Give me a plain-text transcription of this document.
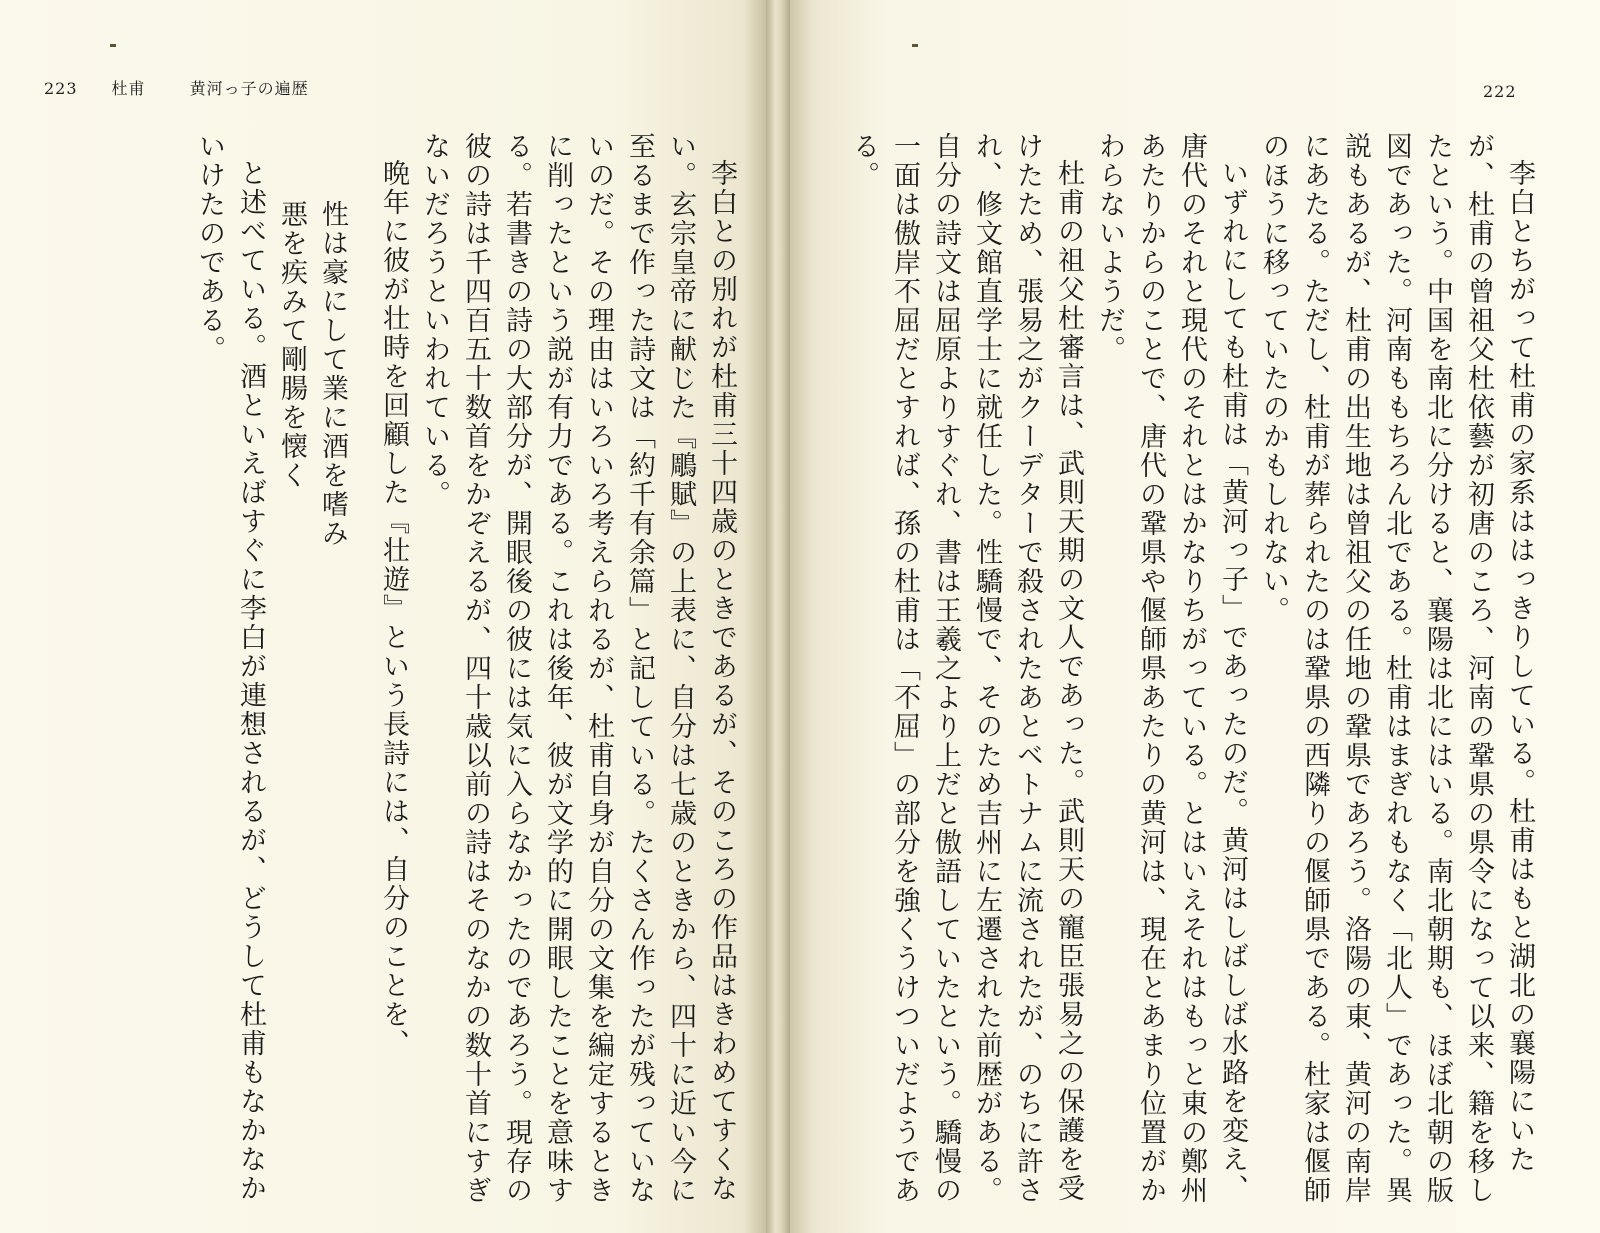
223 杜甫	黄河っ子の遍歴

李白との別れが杜甫三十四歳のときであるが、そのころの作品はきわめてすくない。玄宗皇帝に献じた『鵰賦』の上表に、自分は七歳のときから、四十に近い今に至るまで作った詩文は「約千有余篇」と記している。たくさん作ったが残っていないのだ。その理由はいろいろ考えられるが、杜甫自身が自分の文集を編定するときに削ったという説が有力である。これは後年、彼が文学的に開眼したことを意味する。若書きの詩の大部分が、開眼後の彼には気に入らなかったのであろう。現存の彼の詩は千四百五十数首をかぞえるが、四十歳以前の詩はそのなかの数十首にすぎないだろうといわれている。

晩年に彼が壮時を回顧した『壮遊』という長詩には、自分のことを、

性は豪にして業に酒を嗜み

悪を疾みて剛腸を懐く

と述べている。酒といえばすぐに李白が連想されるが、どうして杜甫もなかなかいけたのである。

222

李白とちがって杜甫の家系ははっきりしている。杜甫はもと湖北の襄陽にいたが、杜甫の曾祖父杜依藝が初唐のころ、河南の鞏県の県令になって以来、籍を移したという。中国を南北に分けると、襄陽は北にはいる。南北朝期も、ほぼ北朝の版図であった。河南ももちろん北である。杜甫はまぎれもなく「北人」であった。異説もあるが、杜甫の出生地は曾祖父の任地の鞏県であろう。洛陽の東、黄河の南岸にあたる。ただし、杜甫が葬られたのは鞏県の西隣りの偃師県である。杜家は偃師のほうに移っていたのかもしれない。

いずれにしても杜甫は「黄河っ子」であったのだ。黄河はしばしば水路を変え、唐代のそれと現代のそれとはかなりちがっている。とはいえそれはもっと東の鄭州あたりからのことで、唐代の鞏県や偃師県あたりの黄河は、現在とあまり位置がかわらないようだ。

杜甫の祖父杜審言は、武則天期の文人であった。武則天の寵臣張易之の保護を受けたため、張易之がクーデターで殺されたあとベトナムに流されたが、のちに許され、修文館直学士に就任した。性驕慢で、そのため吉州に左遷された前歴がある。自分の詩文は屈原よりすぐれ、書は王羲之より上だと傲語していたという。驕慢の一面は傲岸不屈だとすれば、孫の杜甫は「不屈」の部分を強くうけついだようである。
